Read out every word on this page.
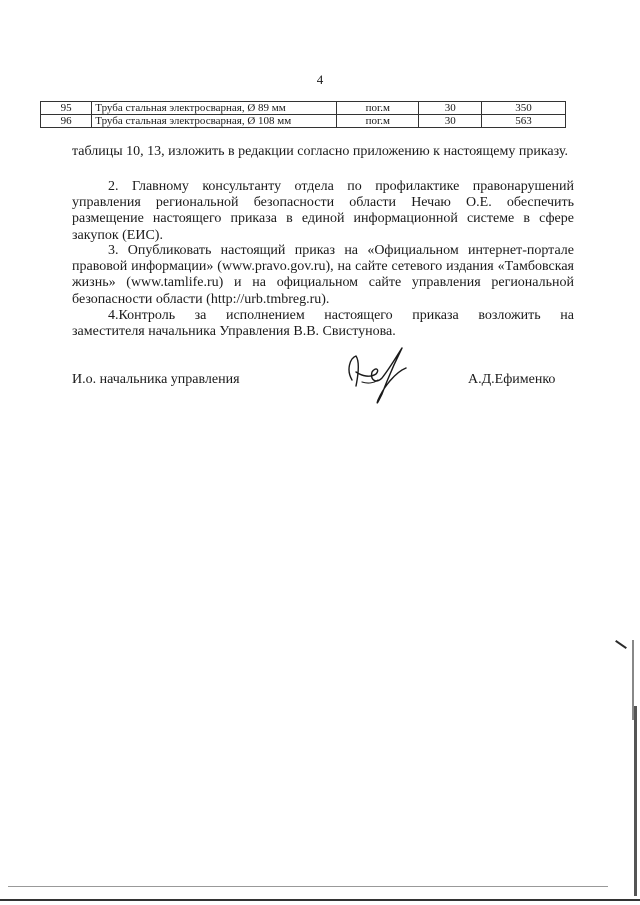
4
95	Труба стальная электросварная, Ø 89 мм	пог.м	30	350
96	Труба стальная электросварная, Ø 108 мм	пог.м	30	563

таблицы 10, 13, изложить в редакции согласно приложению к настоящему приказу.

2. Главному консультанту отдела по профилактике правонарушений управления региональной безопасности области Нечаю О.Е. обеспечить размещение настоящего приказа в единой информационной системе в сфере закупок (ЕИС).

3. Опубликовать настоящий приказ на «Официальном интернет-портале правовой информации» (www.pravo.gov.ru), на сайте сетевого издания «Тамбовская жизнь» (www.tamlife.ru) и на официальном сайте управления региональной безопасности области (http://urb.tmbreg.ru).

4.Контроль за исполнением настоящего приказа возложить на
заместителя начальника Управления В.В. Свистунова.
И.о. начальника управления	А.Д.Ефименко
